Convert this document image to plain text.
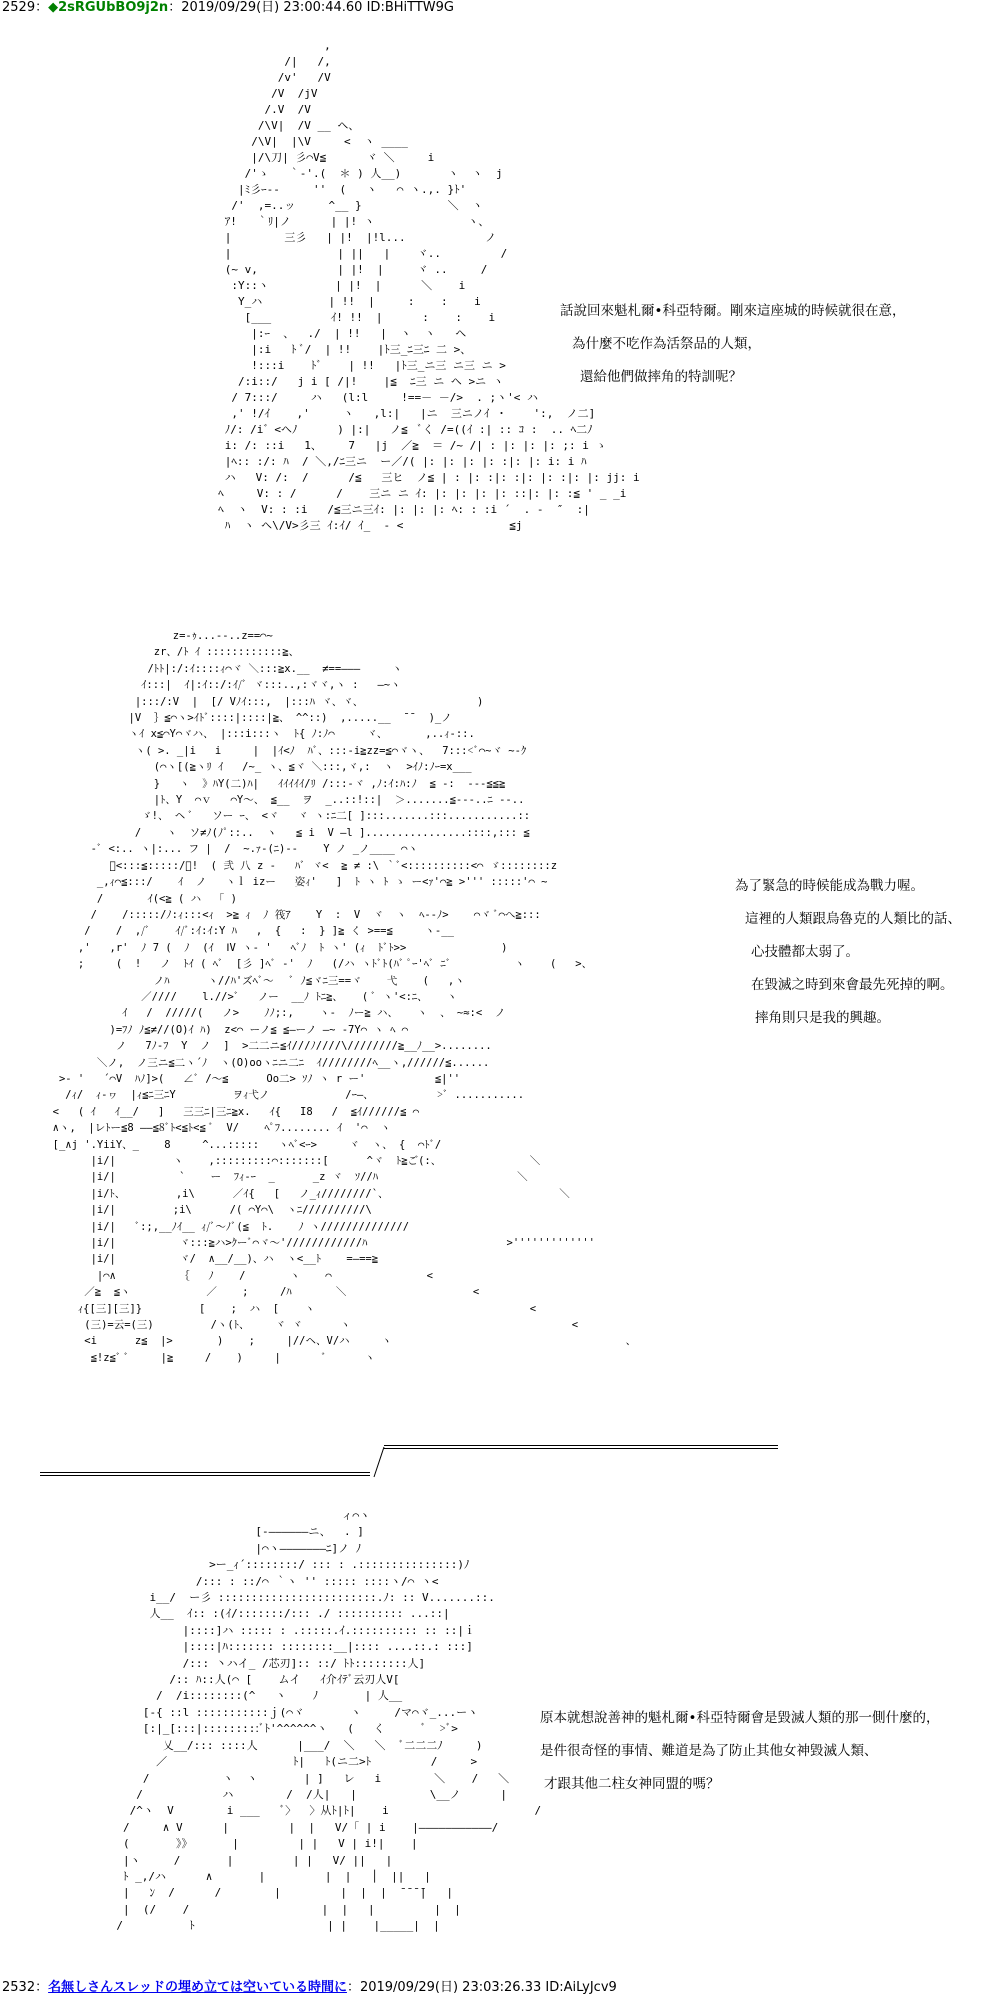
2529：◆2sRGUbBO9j2n：2019/09/29(日) 23:00:44.60 ID:BHiTTW9G
,
/|   /,
/v'   /V
/V  /jV
/.V  /V
/\V|  /V __ ヘ、
/\V|  |\V     <  ヽ ____
|/\刀| 彡⌒V≦      ヾ ＼     i
/'ゝ   ｀-'.(  ＊ ) 人__)       ヽ  ヽ  j
|ﾐ彡ｰ--     ''  (   ヽ   ⌒ ヽ.,. }ﾄ'
/'  ,=..ッ     ^__ }             ＼  ヽ
ｱ!   ｀ﾘ|ノ      | |! ヽ              ヽ、
|        三彡   | |!  |!l...            ノ
|                | ||   |    ヾ..         /
(~ v,            | |!  |     ヾ ..     /
:Y::ヽ          | |!  |      ＼    i
Y_ハ          | !!  |     :    :    i
[___         ｲ! !!  |      :    :    i
|:ｰ  、  ./  | !!   |  ヽ  ヽ   ヘ
|:i   ﾄ ﾞ/  | !!    |ﾄ三_ﾆ三ﾆ 二 >、
!:::i    ﾄﾞ    | !!   |ﾄ三_ニ三 ニ三 ニ >
/:i::/   j i [ /|!    |≦  ﾆ三 ニ ヘ >ニ ヽ
/ 7:::/     ハ   (l:l     !==－ －/>  . ;ヽ'< ハ
,' !/ｲ    ,'     ヽ   ,l:|   |ニ  三ニノｲ ・    ':,  ノ二]
ﾉ/: /i゛<ヘﾉ      ) |:|   ノ≦  ﾞく /=((ｲ :| :: ｺ :  .. ﾍ二ﾉ
i: /: ::i   1、    7   |j  ／≧  ＝ /~ /| : |: |: |: ;: i ゝ
|ﾍ:: :/: ﾊ  / ＼,/ﾆ三ニ  ー／/( |: |: |: |: :|: |: i: i ﾊ
ハ   V: /:  /      /≦   三ヒ  ノ≦ | : |: :|: :|: |: :|: |: jj: i
ﾍ     V: : /      /    三ニ ニ ｲ: |: |: |: |: ::|: |: :≦ ' _ _i
ﾍ  ヽ  V: : :i   /≦三ニ三ｲ: |: |: |: ﾍ: : :i ´  . -  ″  :|
ﾊ  ヽ ヘ\/V>彡三 ｲ:ｲ/ ｲ_  - <                ≦j
話說回來魁札爾•科亞特爾。剛來這座城的時候就很在意，
為什麼不吃作為活祭品的人類，
還給他們做摔角的特訓呢？
z=-ｩ...--..z==⌒~
zr、/ﾄ ｲ ::::::::::::≧、
/ﾄﾄ|:/:ｲ::::ｨ⌒ヾ ＼:::≧x.__  ≠==―――     ヽ
ｲ:::|  ｲ|:ｲ::/:ｲ/ﾞ ヾ:::..,:ヾヾ,ヽ :   ―~ヽ
|:::/:V  |  [/ Vﾉｲ:::,  |:::ﾊ ヾ、ヾ、                  )
|V  ｝≦⌒ヽ>ｲﾄﾞ::::|::::|≧、 ^^::)  ,.....__  ̄ ̄   )_ノ
ヽｲ x≦⌒Y⌒ヾハ、 |:::i:::ヽ  ﾄ{ ﾉ:ﾉ⌒     ヾ、      ,..ｨ-::.
ヽ( >. _|i   i     |  |ｲ<ﾉ  ﾊﾞ、:::-i≧zz=≦⌒ヾヽ、  7:::<ﾞ⌒~ヾ ~-ｸ
(⌒ヽ[(≧ヽﾘ ｲ   /~_ ヽ、≦ヾ ＼:::,ヾ,:  ヽ  >ｲﾉ:ﾉｰ=x___
}   ヽ  》ﾊY(二)ﾊ|   ｲｲｲｲｲ/ﾘ /:::-ヾ ,ﾉ:ｲ:ﾊ:ﾉ  ≦ -:  ---≦≦≧
|ﾄ、Y  ⌒ｖ   ⌒Y〜、 ≦__  ヲ  _..::!::|  ＞.......≦---..ﾆ --..
ゞ!、 ヘ ﾞ   ソー ｰ、 <ヾ   ヾ ヽ:ﾆ二[ ]:::.......:::...........::
/    ヽ  ソ≠ﾉ(ﾉﾟ::..  ヽ   ≦ i  V ―l ]................::::,::: ≦
-ﾞ <:.. ヽ|:... フ |  /  ~.ｧ-(ﾆ)--    Y ノ _ノ____ ⌒ヽ
ﾞ<:::≦:::::/ﾞ!  ( 弐 八 z -   ﾊﾞ ヾ<  ≧ ≠ :\ ｀ﾞ<::::::::::<⌒ ゞ::::::::z
_,ｨ⌒≦:::/    ｲ  ノ   ヽｌ izー   姿ｨ'   ]  ﾄ ヽ ﾄ ゝ ー<ｧ'⌒≧ >''' :::::'⌒ ~
/       ｲ(<≧ ( ハ  「 )
/    /:::::/ﾉ:ｨ:::<ｨ  >≧ ｨ  ﾉ 筏ｱ    Y  :  V  ヾ  ヽ  ﾍ--ﾉ>    ⌒ヾ ﾞ⌒へ≧:::
/    /  ,/ﾞ    ｲ/ﾞ:ｲ:ｲ:Y ﾊ   ,  {   :  } ]≧ く >==≦     ヽ-__
,'   ,r'  ﾉ 7 (  ﾉ  (ｲ  ⅠV ヽ- '   ﾍﾞﾉ  ﾄ ヽ' (ｨ  ﾄﾞﾄ>>               )
;     (  !   ノ  ﾄｲ ( ﾍﾞ  [彡 ]ﾍﾞ -'  ﾉ   (/ハ ヽﾄﾞﾄ(ﾊﾞ ﾟｰ'ﾍﾞ ﾆﾞ          ヽ    (   >、
ノﾊ      ヽ//ﾊ'ズﾍﾞ〜   ﾞ ﾉ≦ヾﾆ三==ヾ    弋    (   ,ヽ
／////    l.//>ﾞ   ノー  __ﾉ ﾄﾆ≧、   ( ﾞ ヽ'<:ﾆ、   ヽ
ｲ   /  /////(   ノ>    ﾉﾉ;:,    ヽ-  ﾉー≧ ハ、   ヽ  、 ~≈:<  ノ
)=ﾌﾉ ﾉ≦≠//(O)ｲ ﾊ)  z<⌒ ーノ≦ ≦―ーノ ―~ -7Y⌒ ヽ ﾍ ⌒
ノ   7ﾉ-ﾌ  Y  ノ  ]  >二二ニ≦ｲ///ﾉ////\////////≧__ﾉ__>........
＼ノ,  ノ三ニ≦二ヽ´ﾉ  ヽ(O)ooヽﾆニ二ﾆ  ｲ////////ﾍ__ヽ,//////≦......
>- '   ´⌒V  ﾊﾉ]>(   ∠ﾞ /〜≦      Oo二> ｿﾉ ヽ r ー'           ≦|''
/ｨ/  ｨ-ヮ  |ｨ≦ﾆ三ﾆY         ヲｨ弋ノ            /ｰ―、          >ﾞ ...........
<   ( ｲ   ｲ__/   ]   三三ﾆ|三ﾆ≧x.   ｲ{   I8   /  ≦ｲ//////≦ ⌒
∧ヽ,  |レﾄー≦8 ――≦8ﾞﾄ<≦ﾄ<≦ ﾞ  V/    ﾍﾟﾌ........ ｲ  '⌒  ヽ
[_∧j '.YiiY、_    8     ^...:::::   ヽﾍﾞ<ｰ>     ヾ  ヽ、 {  ⌒ﾄﾞ/
|i/|         ヽ    ,:::::::::⌒:::::::[      ^ヾ  ﾄ≧ご(:、              ＼
|i/|          `    ー  ﾌｨ-ｰ  _      _z ヾ  ｿ//ﾊ                      ＼
|i/ﾄ、        ,i\      ／ｲ{   [   ノ_ｨ////////`、                           ＼
|i/|         ;i\      /( ⌒Y⌒\  ヽﾆ//////////\
|i/|   ﾞ:;,__ﾉｲ__ ｨ/ﾞ〜ﾉﾞ(≦  ﾄ.    ﾉ ヽ//////////////
|i/|          ヾ:::≧ハ>ｸーﾞ⌒ヾ〜'////////////ﾊ                      >'''''''''''''
|i/|          ヾ/  ∧__/__)、ハ  ヽ<__ﾄ    =―==≧
|⌒∧          ｛   ﾉ    /       ヽ    ⌒               <
／≧  ≦ヽ            ／    ;     /ﾊ       ＼                    <
ｨ{[三][三]}         [    ;  ハ  [    ヽ                                  <
(三)=云=(三)         /ヽ(ﾄ、    ヾ ヾ      ヽ                                   <
<i      z≦  |>       )    ;     |//ヘ、V/ハ     ヽ                                     、
≦!z≦ﾞ ﾞ     |≧     /    )     |       ﾞ      ヽ
為了緊急的時候能成為戰力喔。
這裡的人類跟烏魯克的人類比的話、
心技體都太弱了。
在毀滅之時到來會最先死掉的啊。
摔角則只是我的興趣。
ィ⌒ヽ
[-――――――ニ、  . ]
|⌒ヽ―――――――ﾆ]ノ ﾉ
>ー_ｨ´::::::::/ ::: : .:::::::::::::::)ﾉ
/::: : ::/⌒ ｀ヽ '' ::::: ::::ヽ/⌒ ヽ<
i__/  ー彡 ::::::::::::::::::::::::.ﾉ: :: V.......::.
人__  ｲ:: :(ｲ/:::::::/::: ./ :::::::::: ...::|
|::::]ハ ::::: : .:::::.ｲ.:::::::::: :: ::|ｉ
|::::|ﾊ::::::: ::::::::__|:::: ....::.: :::]
/::: 丶ハイ_ /芯刃]:: ::/ ﾄﾄ::::::::人]
/:: ﾊ::人(⌒ [    ムイ   ｲ介ｲﾃﾞ云刃人V[
/  /i::::::::(^   ヽ    ﾉ       | 人__
[-{ ::l :::::::::::ｊ(⌒ヾ       ヽ     /マ⌒ヾ_...ーヽ
[:|_[:::|:::::::::ﾞﾄ'^^^^^^ヽ   (   く      ﾞ  >ﾞ>
乂__/::: ::::人      |___/  ＼   ＼  ﾞ二二二ﾉ     )
／                   ﾄ|   ﾄ(ニ二>ﾄ         /     >
/           ヽ  ヽ       | ]   レ   i        ＼    /   ＼
/            ハ        /  /人|   |           \__ノ      |
/^ヽ  V        i ___   ﾞ〉  〉从ﾄ|ﾄ|    i                      /
/     ∧ V      |         |  |   V/「 | i    |―――――――――――/
(       》》      |         | |   V | i!|    |
|ヽ     /       |         | |   V/ ||   |
ﾄ _,/ハ      ∧       |         |  |   │  ||   |
|   ﾝ  /      /        |         |  |  |  ̄ ̄ ̄ ̄|   |
|  (/    /                    |  |   |         |  |
/          ﾄ                    | |    |_____|  |
原本就想說善神的魁札爾•科亞特爾會是毀滅人類的那一側什麼的，
是件很奇怪的事情、難道是為了防止其他女神毀滅人類、
才跟其他二柱女神同盟的嗎？
2532：名無しさんスレッドの埋め立ては空いている時間に：2019/09/29(日) 23:03:26.33 ID:AiLyJcv9
